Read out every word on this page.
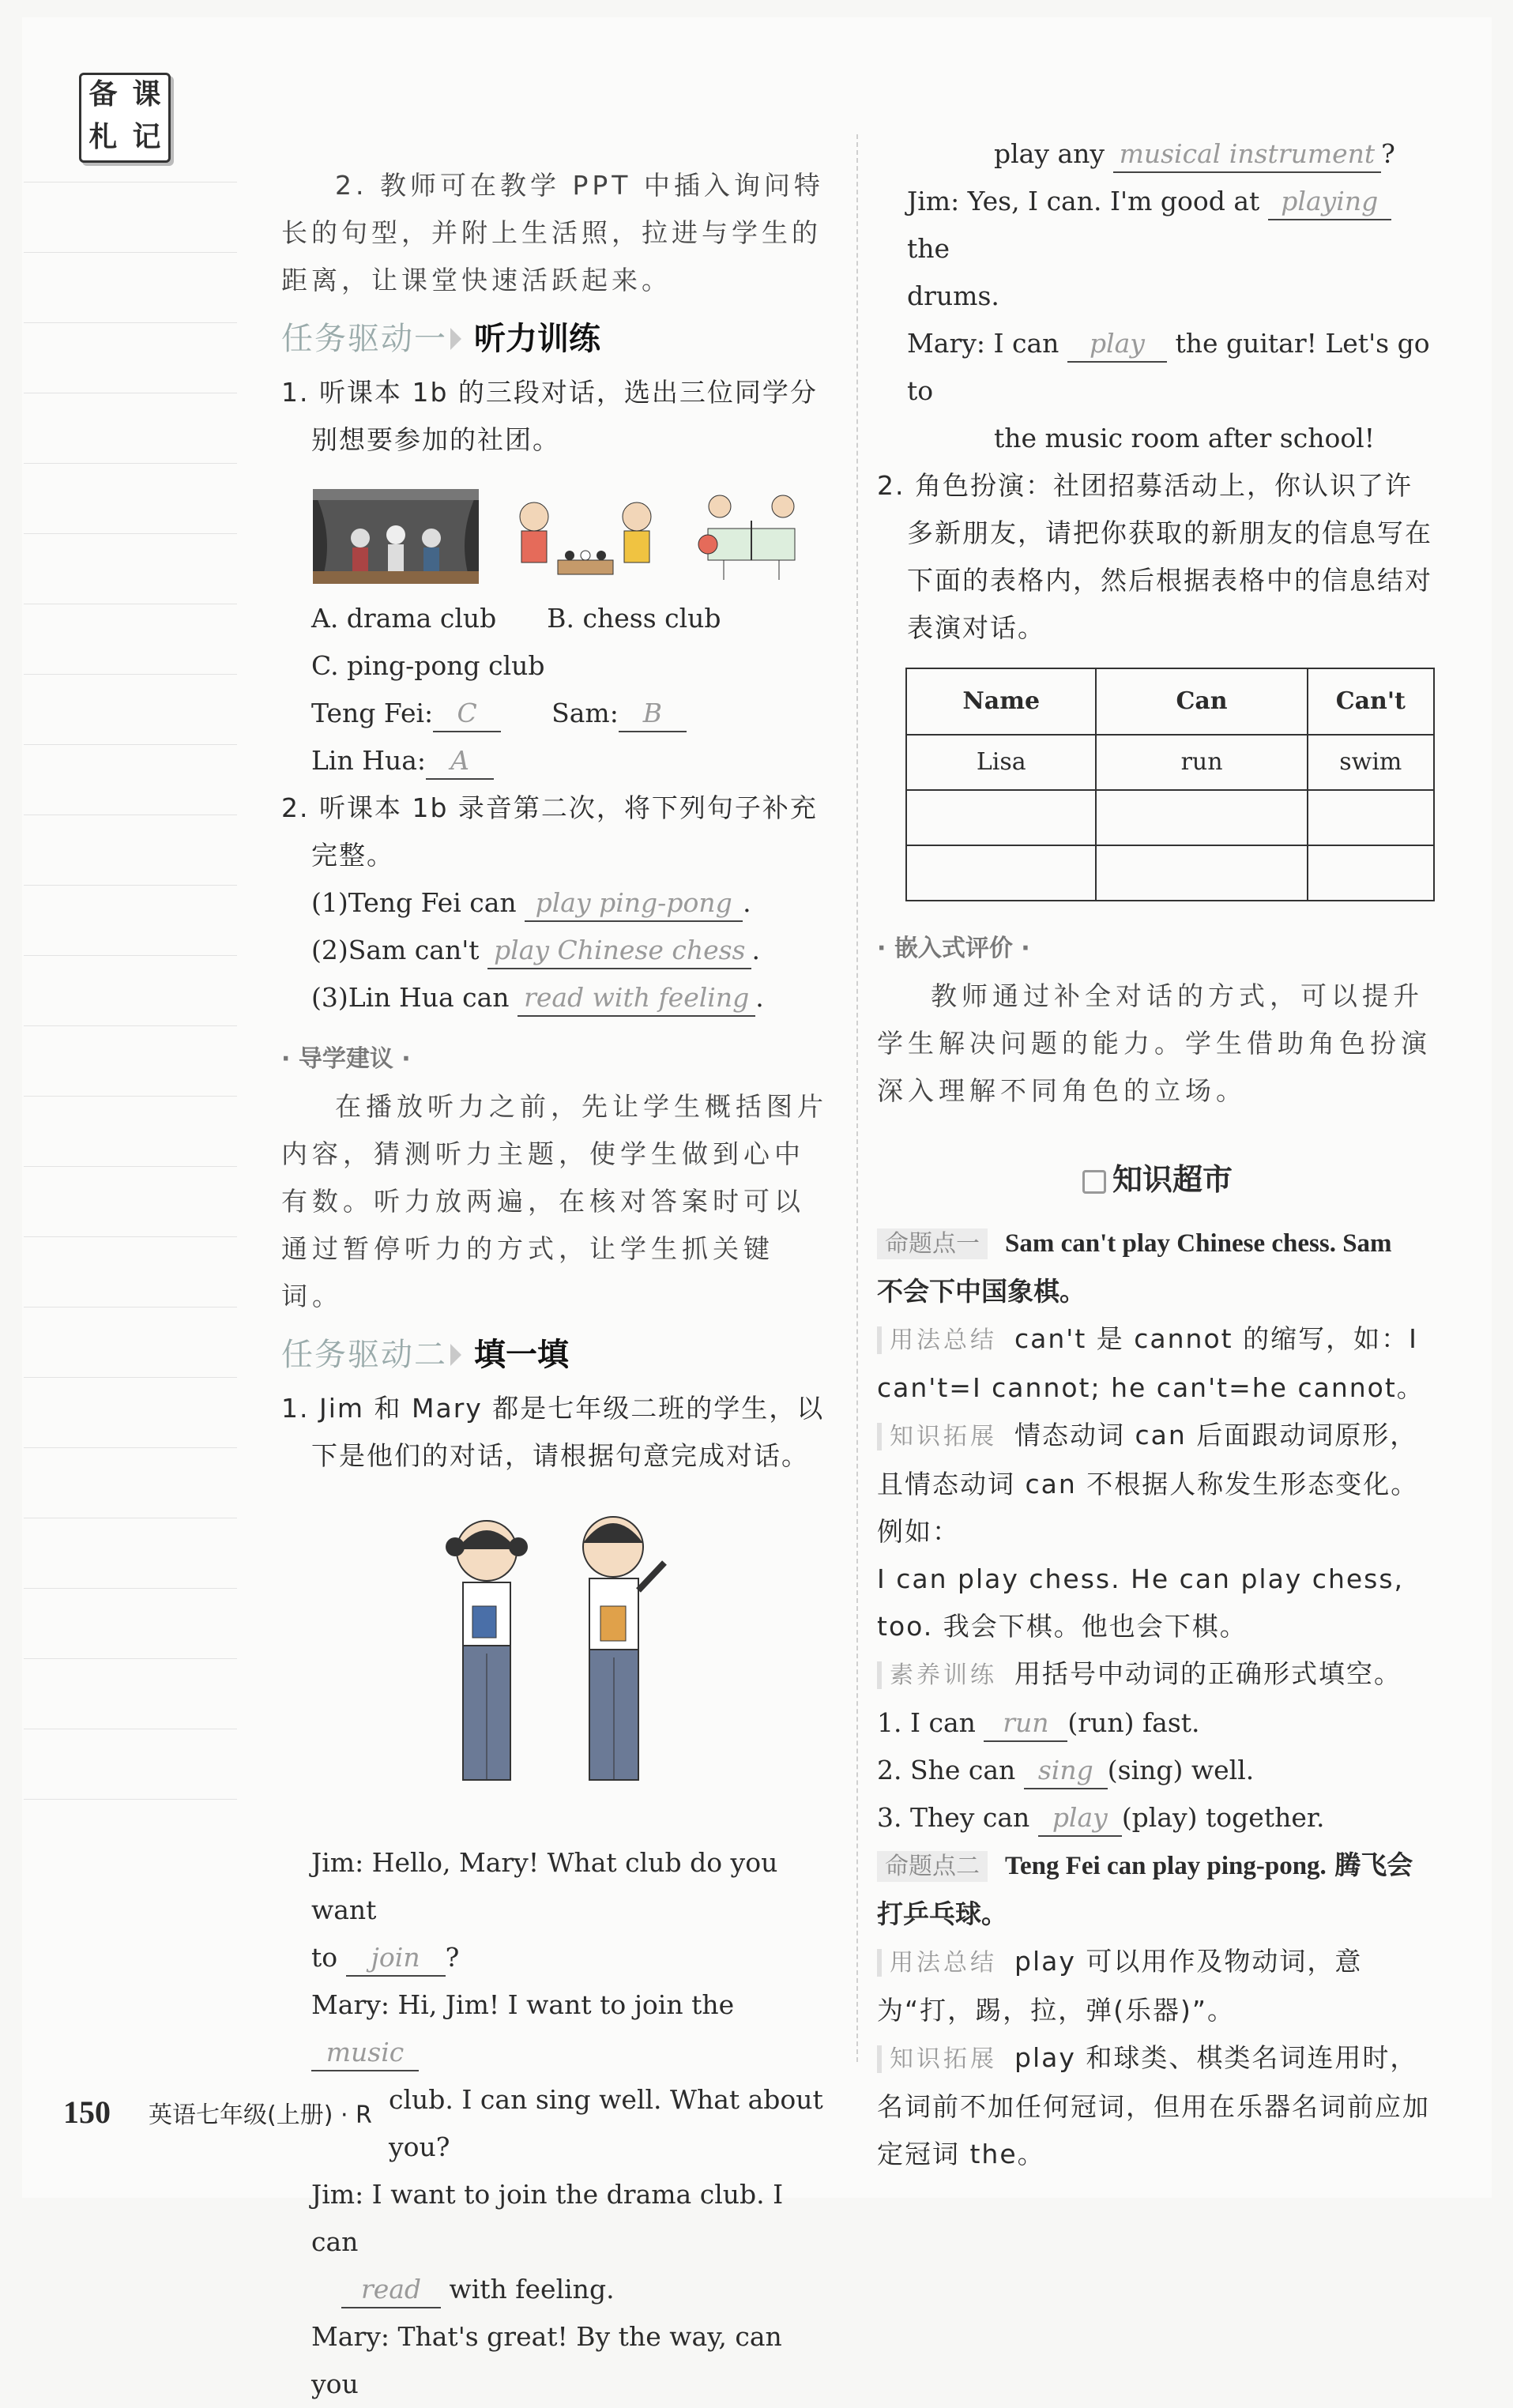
备 课
札 记

2. 教师可在教学 PPT 中插入询问特长的句型，并附上生活照，拉进与学生的距离，让课堂快速活跃起来。

任务驱动一 听力训练

1. 听课本 1b 的三段对话，选出三位同学分别想要参加的社团。

A. drama club B. chess club
C. ping-pong club
Teng Fei: C	Sam: B
Lin Hua: A

2. 听课本 1b 录音第二次，将下列句子补充完整。

(1)Teng Fei can play ping-pong .
(2)Sam can't play Chinese chess .
(3)Lin Hua can read with feeling .
· 导学建议 ·

在播放听力之前，先让学生概括图片内容，猜测听力主题，使学生做到心中有数。听力放两遍，在核对答案时可以通过暂停听力的方式，让学生抓关键词。

任务驱动二 填一填

1. Jim 和 Mary 都是七年级二班的学生，以下是他们的对话，请根据句意完成对话。

Jim: Hello, Mary! What club do you want
to join ?
Mary: Hi, Jim! I want to join the music
club. I can sing well. What about you?
Jim: I want to join the drama club. I can
read with feeling.
Mary: That's great! By the way, can you
play any musical instrument ?
Jim: Yes, I can. I'm good at playing the
drums.
Mary: I can play the guitar! Let's go to
the music room after school!

2. 角色扮演：社团招募活动上，你认识了许多新朋友，请把你获取的新朋友的信息写在下面的表格内，然后根据表格中的信息结对表演对话。

Name	Can	Can't
Lisa	run	swim

· 嵌入式评价 ·

教师通过补全对话的方式，可以提升学生解决问题的能力。学生借助角色扮演深入理解不同角色的立场。

知识超市
命题点一 Sam can't play Chinese chess. Sam
不会下中国象棋。

用法总结 can't 是 cannot 的缩写，如：I can't=I cannot; he can't=he cannot。

知识拓展 情态动词 can 后面跟动词原形，且情态动词 can 不根据人称发生形态变化。例如：

I can play chess. He can play chess, too. 我会下棋。他也会下棋。

素养训练 用括号中动词的正确形式填空。

1. I can run (run) fast.
2. She can sing (sing) well.
3. They can play (play) together.
命题点二 Teng Fei can play ping-pong. 腾飞会打乒乓球。

用法总结 play 可以用作及物动词，意为“打，踢，拉，弹(乐器)”。

知识拓展 play 和球类、棋类名词连用时，名词前不加任何冠词，但用在乐器名词前应加定冠词 the。

150 英语七年级(上册) · R
